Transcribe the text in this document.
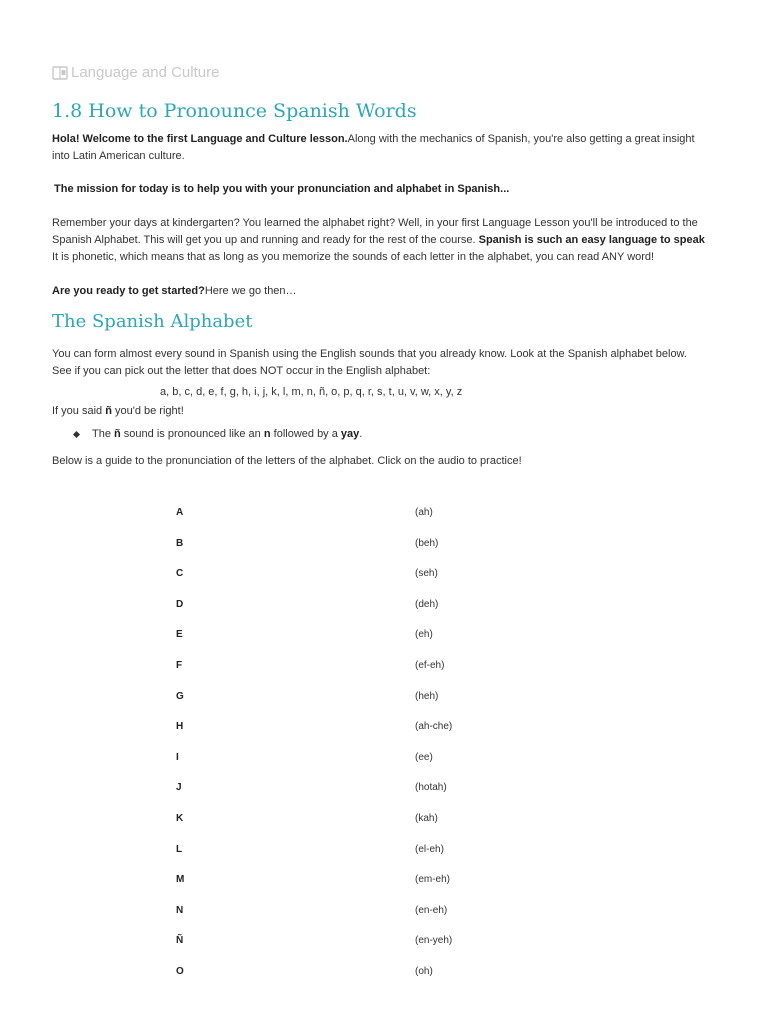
Language and Culture
1.8 How to Pronounce Spanish Words

Hola! Welcome to the first Language and Culture lesson.Along with the mechanics of Spanish, you're also getting a great insight
into Latin American culture.

The mission for today is to help you with your pronunciation and alphabet in Spanish...

Remember your days at kindergarten? You learned the alphabet right? Well, in your first Language Lesson you'll be introduced to the
Spanish Alphabet. This will get you up and running and ready for the rest of the course. Spanish is such an easy language to speak
It is phonetic, which means that as long as you memorize the sounds of each letter in the alphabet, you can read ANY word!

Are you ready to get started?Here we go then…

The Spanish Alphabet

You can form almost every sound in Spanish using the English sounds that you already know. Look at the Spanish alphabet below.
See if you can pick out the letter that does NOT occur in the English alphabet:

a, b, c, d, e, f, g, h, i, j, k, l, m, n, ñ, o, p, q, r, s, t, u, v, w, x, y, z

If you said ñ you'd be right!

The ñ sound is pronounced like an n followed by a yay .

Below is a guide to the pronunciation of the letters of the alphabet. Click on the audio to practice!

A	(ah)
B	(beh)
C	(seh)
D	(deh)
E	(eh)
F	(ef-eh)
G	(heh)
H	(ah-che)
I	(ee)
J	(hotah)
K	(kah)
L	(el-eh)
M	(em-eh)
N	(en-eh)
Ñ	(en-yeh)
O	(oh)
